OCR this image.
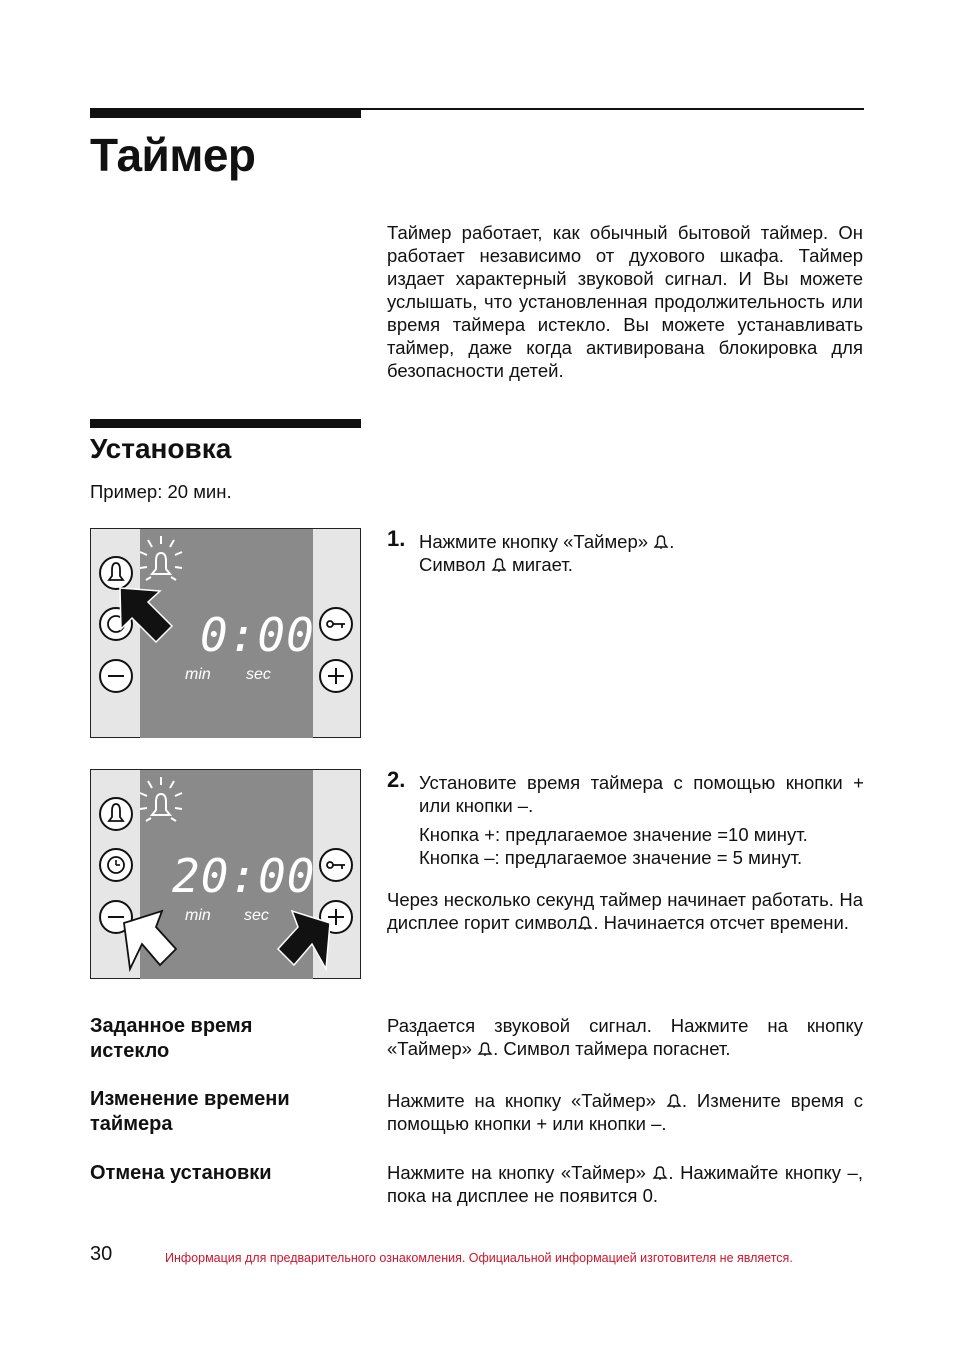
Таймер

Таймер работает, как обычный бытовой таймер. Он работает независимо от духового шкафа. Таймер издает характерный звуковой сигнал. И Вы можете услышать, что установленная продолжительность или время таймера истекло. Вы можете устанавливать таймер, даже когда активирована блокировка для безопасности детей.

Установка
Пример: 20 мин.
0:00
min sec
1. Нажмите кнопку «Таймер» .
Символ мигает.
20:00
min sec
2. Установите время таймера с помощью кнопки + или кнопки –.

Кнопка +: предлагаемое значение =10 минут.
Кнопка –: предлагаемое значение = 5 минут.

Через несколько секунд таймер начинает работать. На дисплее горит символ . Начинается отсчет времени.

Заданное время истекло

Раздается звуковой сигнал. Нажмите на кнопку «Таймер» . Символ таймера погаснет.

Изменение времени таймера

Нажмите на кнопку «Таймер» . Измените время с помощью кнопки + или кнопки –.

Отмена установки	Нажмите на кнопку «Таймер» . Нажимайте кнопку –, пока на дисплее не появится 0.

30	Информация для предварительного ознакомления. Официальной информацией изготовителя не является.
